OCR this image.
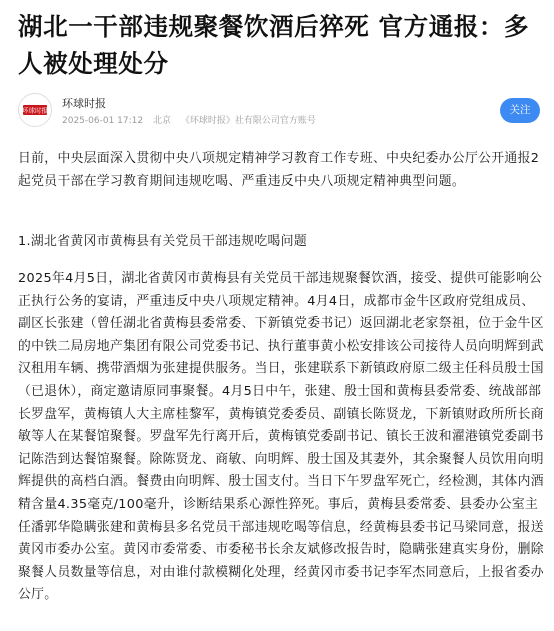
湖北一干部违规聚餐饮酒后猝死 官方通报：多人被处理处分
环球时报
环球时报
2025-06-01 17:12 北京 《环球时报》社有限公司官方账号
关注

日前，中央层面深入贯彻中央八项规定精神学习教育工作专班、中央纪委办公厅公开通报2起党员干部在学习教育期间违规吃喝、严重违反中央八项规定精神典型问题。

1.湖北省黄冈市黄梅县有关党员干部违规吃喝问题

2025年4月5日，湖北省黄冈市黄梅县有关党员干部违规聚餐饮酒，接受、提供可能影响公正执行公务的宴请，严重违反中央八项规定精神。4月4日，成都市金牛区政府党组成员、副区长张建（曾任湖北省黄梅县委常委、下新镇党委书记）返回湖北老家祭祖，位于金牛区的中铁二局房地产集团有限公司党委书记、执行董事黄小松安排该公司接待人员向明辉到武汉租用车辆、携带酒烟为张建提供服务。当日，张建联系下新镇政府原二级主任科员殷士国（已退休），商定邀请原同事聚餐。4月5日中午，张建、殷士国和黄梅县委常委、统战部部长罗盘军，黄梅镇人大主席桂黎军，黄梅镇党委委员、副镇长陈贤龙，下新镇财政所所长商敏等人在某餐馆聚餐。罗盘军先行离开后，黄梅镇党委副书记、镇长王波和濯港镇党委副书记陈浩到达餐馆聚餐。除陈贤龙、商敏、向明辉、殷士国及其妻外，其余聚餐人员饮用向明辉提供的高档白酒。餐费由向明辉、殷士国支付。当日下午罗盘军死亡，经检测，其体内酒精含量4.35毫克/100毫升，诊断结果系心源性猝死。事后，黄梅县委常委、县委办公室主任潘郭华隐瞒张建和黄梅县多名党员干部违规吃喝等信息，经黄梅县委书记马梁同意，报送黄冈市委办公室。黄冈市委常委、市委秘书长余友斌修改报告时，隐瞒张建真实身份，删除聚餐人员数量等信息，对由谁付款模糊化处理，经黄冈市委书记李军杰同意后，上报省委办公厅。
